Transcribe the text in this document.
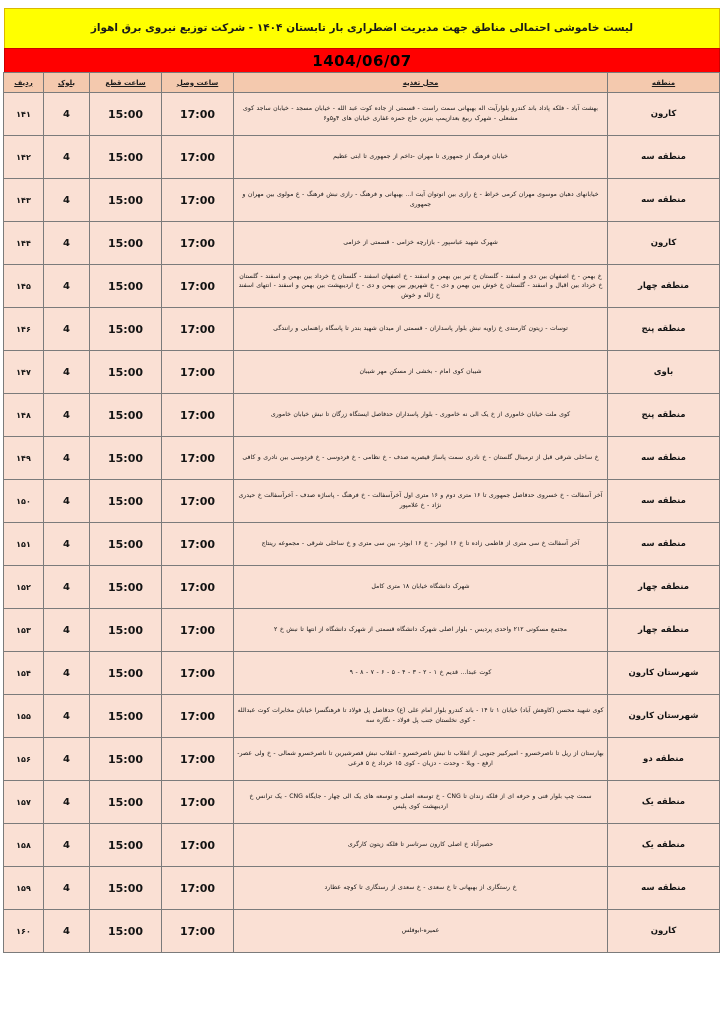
لیست خاموشی احتمالی مناطق جهت مدیریت اضطراری بار تابستان ۱۴۰۴ - شرکت توزیع نیروی برق اهواز
1404/06/07
منطقه	محل تغذیه	ساعت وصل	ساعت قطع	بلوک	ردیف
کارون	بهشت آباد - فلکه پاداد باند کندرو بلوارآیت اله بهبهانی سمت راست - قسمتی از جاده کوت عبد الله - خیابان مسجد - خیابان ساجد کوی مشعلی - شهرک ربیع بعدازپمپ بنزین حاج حمزه غفاری خیابان های ۴و۵و۶	17:00	15:00	4	۱۴۱
منطقه سه	خیابان فرهنگ از جمهوری تا مهران -داخم از جمهوری تا ابتی عظیم	17:00	15:00	4	۱۴۲
منطقه سه	خیابانهای دهبان موسوی مهران کرمی خراط - ع رازی بین انوتوان آیت ا... بهبهانی و فرهنگ - رازی نبش فرهنگ - ع مولوی بین مهران و جمهوری	17:00	15:00	4	۱۴۳
کارون	شهرک شهید عباسپور - بازارچه خزامی - قسمتی از خزامی	17:00	15:00	4	۱۴۴
منطقه چهار	خ بهمن - خ اصفهان بین دی و اسفند - گلستان خ تیر بین بهمن و اسفند - خ اصفهان اسفند - گلستان خ خرداد بین بهمن و اسفند - گلستان خ خرداد بین اقبال و اسفند - گلستان خ خوش بین بهمن و دی - خ شهریور بین بهمن و دی - خ اردیبهشت بین بهمن و اسفند - انتهای اسفند خ ژاله و خوش	17:00	15:00	4	۱۴۵
منطقه پنج	توسات - زیتون کارمندی خ زاویه نبش بلوار پاسداران - قسمتی از میدان شهید بندر تا پاسگاه راهنمایی و رانندگی	17:00	15:00	4	۱۴۶
باوی	شیبان کوی امام - بخشی از مسکن مهر شیبان	17:00	15:00	4	۱۴۷
منطقه پنج	کوی ملت خیابان خاموری از خ یک الی نه خاموری - بلوار پاسداران حدفاصل ایستگاه زرگان تا نبش خیابان خاموری	17:00	15:00	4	۱۴۸
منطقه سه	خ ساحلی شرقی قبل از ترمینال گلستان - خ نادری سمت پاساژ قیصریه صدف - خ نظامی - خ فردوسی - خ فردوسی بین نادری و کافی	17:00	15:00	4	۱۴۹
منطقه سه	آخر آسفالت - خ خسروی حدفاصل جمهوری تا ۱۶ متری دوم و ۱۶ متری اول آخرآسفالت - خ فرهنگ - پاساژه صدف - آخرآسفالت خ حیدری نژاد - خ غلامپور	17:00	15:00	4	۱۵۰
منطقه سه	آخر آسفالت خ سی متری از فاطمی زاده تا خ ۱۶ ابوذر - خ ۱۶ ابوذر- بین سی متری و خ ساحلی شرقی - مجموعه رینتاج	17:00	15:00	4	۱۵۱
منطقه چهار	شهرک دانشگاه خیابان ۱۸ متری کامل	17:00	15:00	4	۱۵۲
منطقه چهار	مجتمع مسکونی ۲۱۲ واحدی پردیس - بلوار اصلی شهرک دانشگاه قسمتی از شهرک دانشگاه از انتها تا نبش خ ۲	17:00	15:00	4	۱۵۳
شهرستان کارون	کوت عبدا... قدیم خ ۱ - ۲ - ۳ - ۴ - ۵ - ۶ - ۷ - ۸ - ۹	17:00	15:00	4	۱۵۴
شهرستان کارون	کوی شهید محسن (کاوهش آباد) خیابان ۱ تا ۱۴ - باند کندرو بلوار امام علی (ع) حدفاصل پل فولاد تا فرهنگسرا خیابان مخابرات کوت عبدالله - کوی نخلستان جنب پل فولاد - نگاره سه	17:00	15:00	4	۱۵۵
منطقه دو	بهارستان از ریل تا ناصرخسرو - امیرکبیر جنوبی از انقلاب تا نبش ناصرخسرو - انقلاب نبش قصرشیرین تا ناصرخسرو شمالی - خ ولی عصر- ارفع - ویلا - وحدت - دزیان - کوی ۱۵ خرداد خ ۵ فرعی	17:00	15:00	4	۱۵۶
منطقه یک	سمت چپ بلوار فنی و حرفه ای از فلکه زندان تا CNG - خ توسعه اصلی و توسعه های یک الی چهار - جایگاه CNG - یک ترانس خ اردیبهشت کوی پلیس	17:00	15:00	4	۱۵۷
منطقه یک	حصیرآباد خ اصلی کارون سرتاسر تا فلکه زیتون کارگری	17:00	15:00	4	۱۵۸
منطقه سه	خ رستگاری از بهبهانی تا خ سعدی - خ سعدی از رستگاری تا کوچه عطارد	17:00	15:00	4	۱۵۹
کارون	عمیره-ابوفلس	17:00	15:00	4	۱۶۰
